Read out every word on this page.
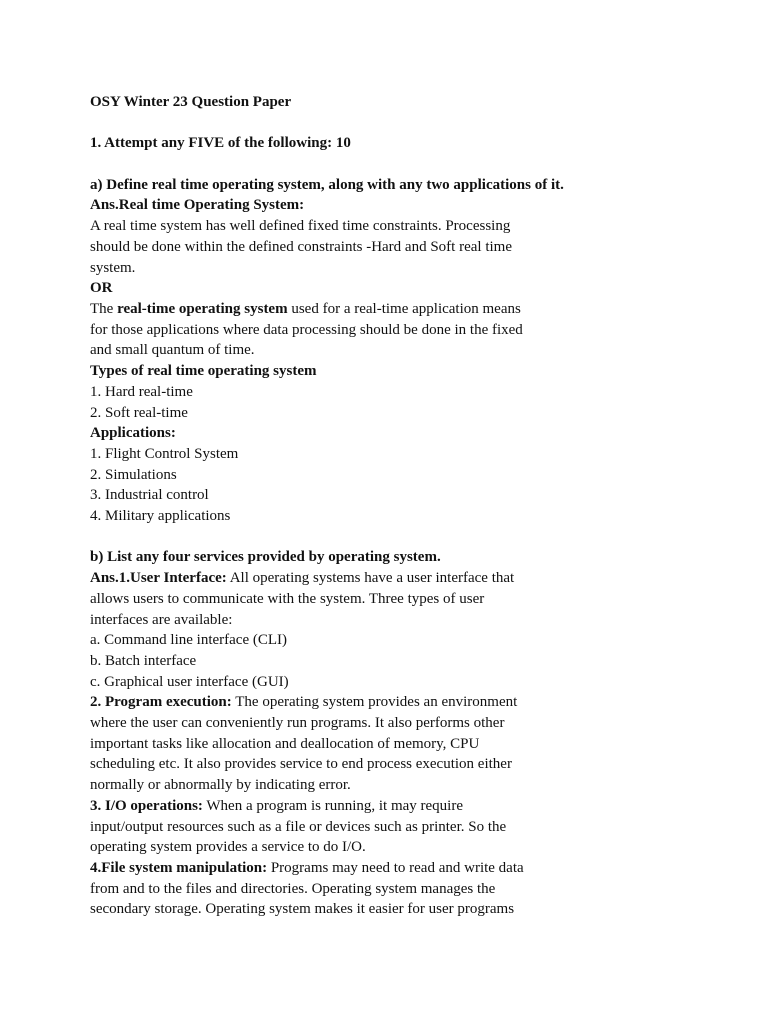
OSY Winter 23 Question Paper
1. Attempt any FIVE of the following: 10
a) Define real time operating system, along with any two applications of it.
Ans.Real time Operating System:
A real time system has well defined fixed time constraints. Processing
should be done within the defined constraints -Hard and Soft real time
system.
OR
The real-time operating system used for a real-time application means
for those applications where data processing should be done in the fixed
and small quantum of time.
Types of real time operating system
1. Hard real-time
2. Soft real-time
Applications:
1. Flight Control System
2. Simulations
3. Industrial control
4. Military applications
b) List any four services provided by operating system.
Ans.1.User Interface: All operating systems have a user interface that
allows users to communicate with the system. Three types of user
interfaces are available:
a. Command line interface (CLI)
b. Batch interface
c. Graphical user interface (GUI)
2. Program execution: The operating system provides an environment
where the user can conveniently run programs. It also performs other
important tasks like allocation and deallocation of memory, CPU
scheduling etc. It also provides service to end process execution either
normally or abnormally by indicating error.
3. I/O operations: When a program is running, it may require
input/output resources such as a file or devices such as printer. So the
operating system provides a service to do I/O.
4.File system manipulation: Programs may need to read and write data
from and to the files and directories. Operating system manages the
secondary storage. Operating system makes it easier for user programs
